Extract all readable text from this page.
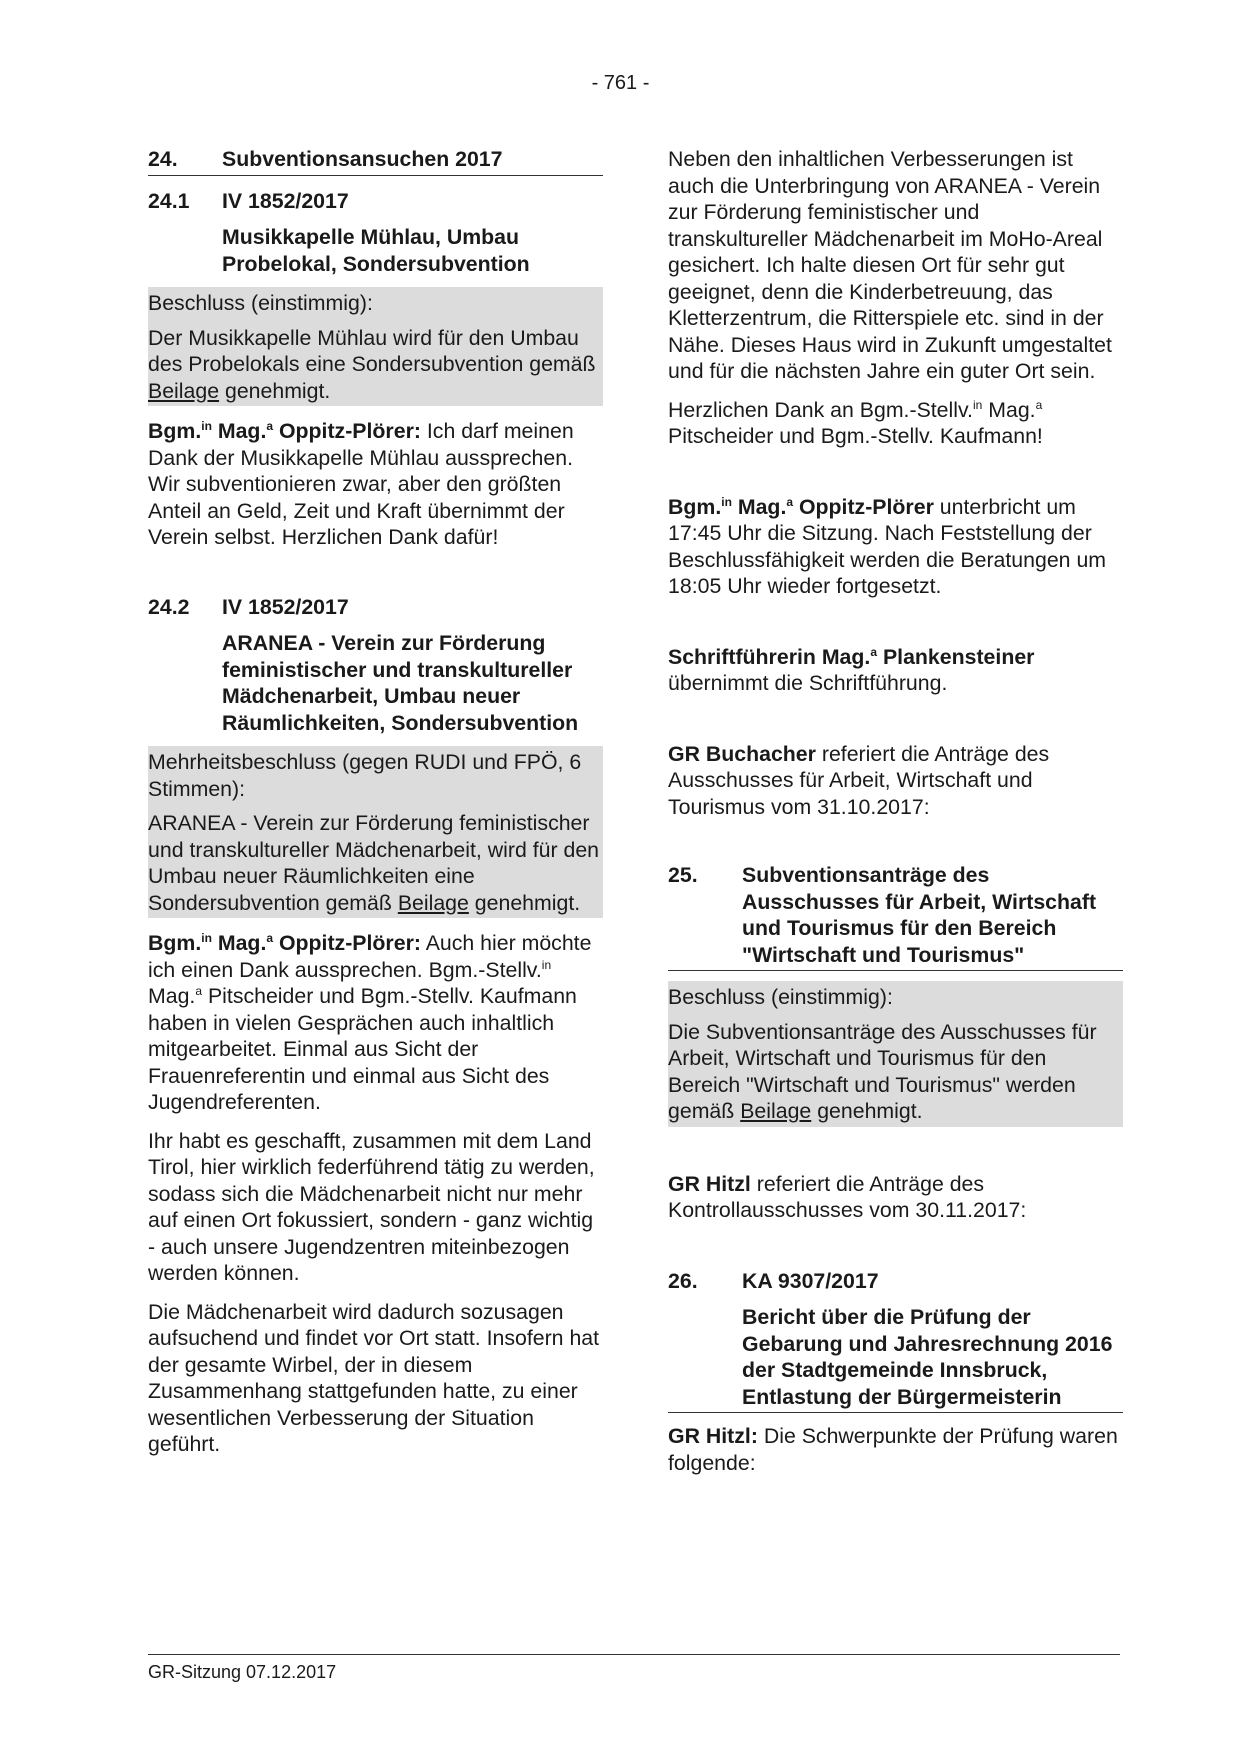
- 761 -
24.	Subventionsansuchen 2017
24.1	IV 1852/2017
Musikkapelle Mühlau, Umbau Probelokal, Sondersubvention

Beschluss (einstimmig):

Der Musikkapelle Mühlau wird für den Umbau des Probelokals eine Sondersubvention gemäß Beilage genehmigt.

Bgm.$^{in}$ Mag.$^a$ Oppitz-Plörer: Ich darf meinen Dank der Musikkapelle Mühlau aussprechen. Wir subventionieren zwar, aber den größten Anteil an Geld, Zeit und Kraft übernimmt der Verein selbst. Herzlichen Dank dafür!

24.2	IV 1852/2017
ARANEA - Verein zur Förderung feministischer und transkultureller Mädchenarbeit, Umbau neuer Räumlichkeiten, Sondersubvention

Mehrheitsbeschluss (gegen RUDI und FPÖ, 6 Stimmen):

ARANEA - Verein zur Förderung feministischer und transkultureller Mädchenarbeit, wird für den Umbau neuer Räumlichkeiten eine Sondersubvention gemäß Beilage genehmigt.

Bgm.$^{in}$ Mag.$^a$ Oppitz-Plörer: Auch hier möchte ich einen Dank aussprechen. Bgm.-Stellv.$^{in}$ Mag.$^a$ Pitscheider und Bgm.-Stellv. Kaufmann haben in vielen Gesprächen auch inhaltlich mitgearbeitet. Einmal aus Sicht der Frauenreferentin und einmal aus Sicht des Jugendreferenten.

Ihr habt es geschafft, zusammen mit dem Land Tirol, hier wirklich federführend tätig zu werden, sodass sich die Mädchenarbeit nicht nur mehr auf einen Ort fokussiert, sondern - ganz wichtig - auch unsere Jugendzentren miteinbezogen werden können.

Die Mädchenarbeit wird dadurch sozusagen aufsuchend und findet vor Ort statt. Insofern hat der gesamte Wirbel, der in diesem Zusammenhang stattgefunden hatte, zu einer wesentlichen Verbesserung der Situation geführt.

Neben den inhaltlichen Verbesserungen ist auch die Unterbringung von ARANEA - Verein zur Förderung feministischer und transkultureller Mädchenarbeit im MoHo-Areal gesichert. Ich halte diesen Ort für sehr gut geeignet, denn die Kinderbetreuung, das Kletterzentrum, die Ritterspiele etc. sind in der Nähe. Dieses Haus wird in Zukunft umgestaltet und für die nächsten Jahre ein guter Ort sein.

Herzlichen Dank an Bgm.-Stellv.$^{in}$ Mag.$^a$ Pitscheider und Bgm.-Stellv. Kaufmann!

Bgm.$^{in}$ Mag.$^a$ Oppitz-Plörer unterbricht um 17:45 Uhr die Sitzung. Nach Feststellung der Beschlussfähigkeit werden die Beratungen um 18:05 Uhr wieder fortgesetzt.

Schriftführerin Mag.$^a$ Plankensteiner
übernimmt die Schriftführung.

GR Buchacher referiert die Anträge des Ausschusses für Arbeit, Wirtschaft und Tourismus vom 31.10.2017:

25.	Subventionsanträge des Ausschusses für Arbeit, Wirtschaft und Tourismus für den Bereich "Wirtschaft und Tourismus"

Beschluss (einstimmig):

Die Subventionsanträge des Ausschusses für Arbeit, Wirtschaft und Tourismus für den Bereich "Wirtschaft und Tourismus" werden gemäß Beilage genehmigt.

GR Hitzl referiert die Anträge des Kontrollausschusses vom 30.11.2017:

26.	KA 9307/2017
Bericht über die Prüfung der Gebarung und Jahresrechnung 2016 der Stadtgemeinde Innsbruck, Entlastung der Bürgermeisterin

GR Hitzl: Die Schwerpunkte der Prüfung waren folgende:

GR-Sitzung 07.12.2017
